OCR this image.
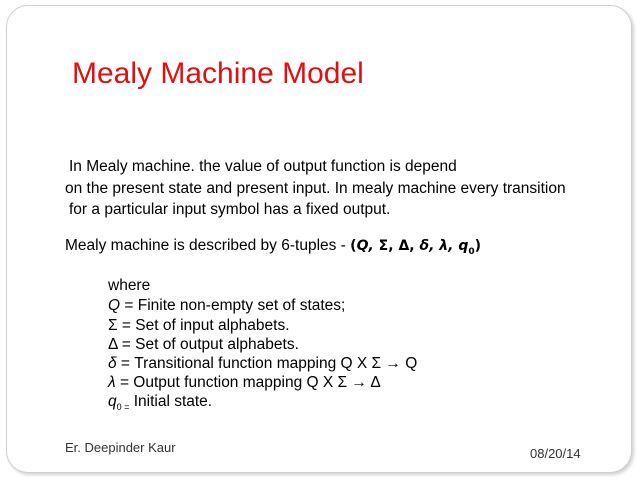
Mealy Machine Model
In Mealy machine. the value of output function is depend
on the present state and present input. In mealy machine every transition
for a particular input symbol has a fixed output.
Mealy machine is described by 6-tuples - (Q, Σ, Δ, δ, λ, $q_0$)
where
Q = Finite non-empty set of states;
Σ = Set of input alphabets.
Δ = Set of output alphabets.
δ = Transitional function mapping Q X Σ → Q
λ = Output function mapping Q X Σ → Δ
$q_{0 =}$ Initial state.
Er. Deepinder Kaur	08/20/14
